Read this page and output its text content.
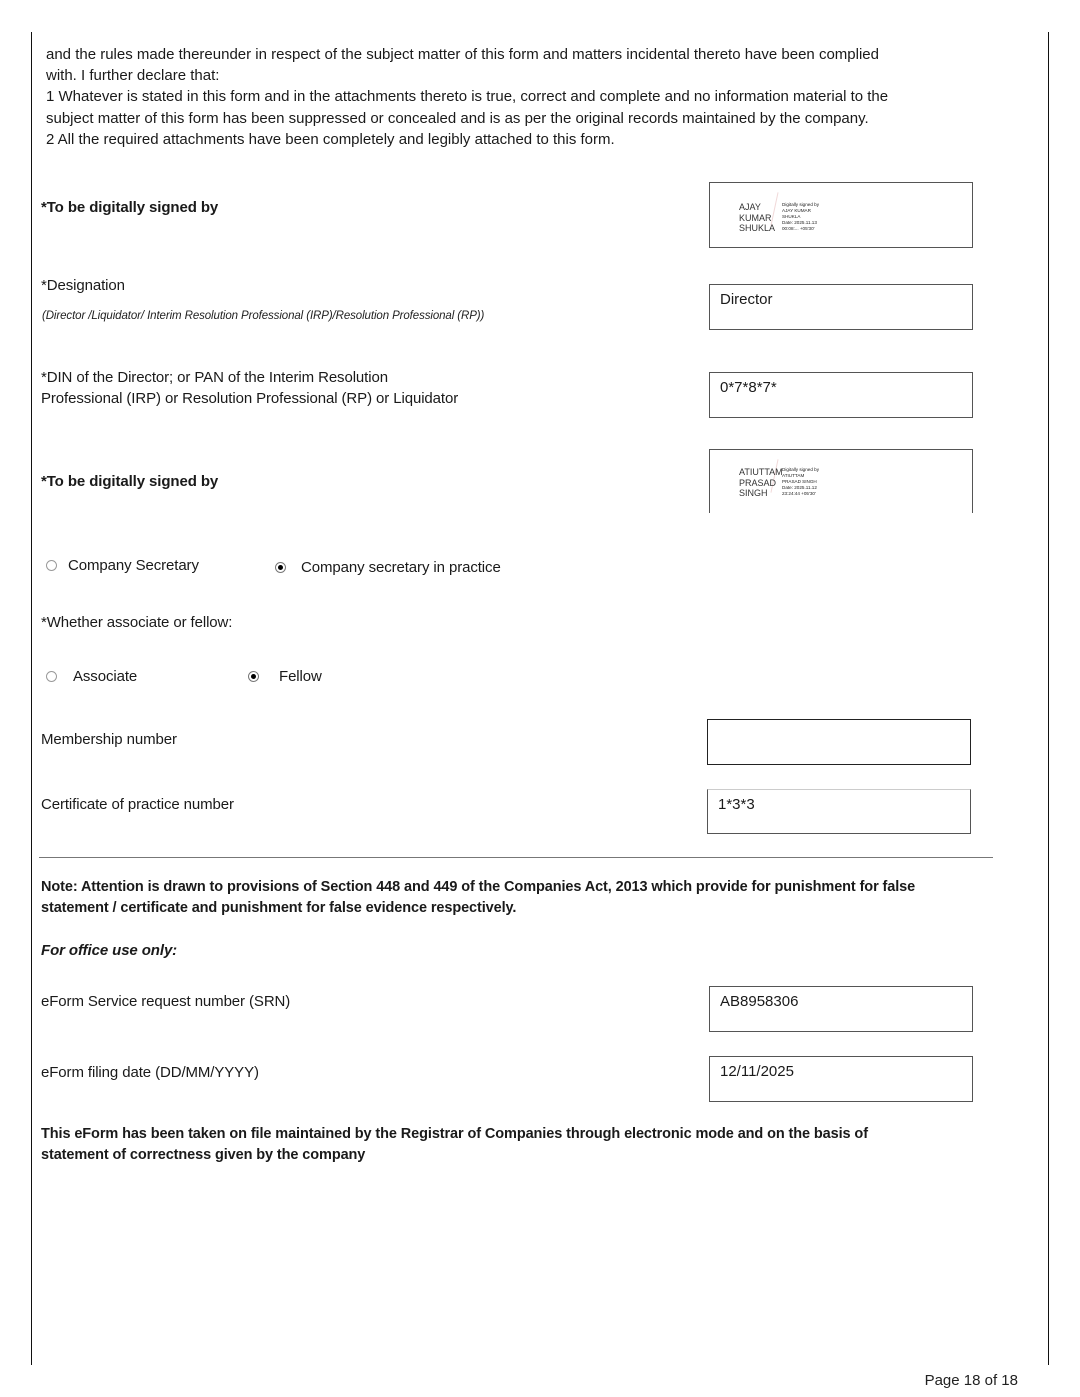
and the rules made thereunder in respect of the subject matter of this form and matters incidental thereto have been complied
with. I further declare that:
1 Whatever is stated in this form and in the attachments thereto is true, correct and complete and no information material to the
subject matter of this form has been suppressed or concealed and is as per the original records maintained by the company.
2 All the required attachments have been completely and legibly attached to this form.
*To be digitally signed by	AJAY
KUMAR
SHUKLA
Digitally signed by
AJAY KUMAR
SHUKLA
Date: 2025.11.13
00:08:... +05'30'
*Designation
(Director /Liquidator/ Interim Resolution Professional (IRP)/Resolution Professional (RP))
Director
*DIN of the Director; or PAN of the Interim Resolution
Professional (IRP) or Resolution Professional (RP) or Liquidator
0*7*8*7*
*To be digitally signed by
ATIUTTAM
PRASAD
SINGH
Digitally signed by
ATIUTTAM
PRASAD SINGH
Date: 2025.11.12
23:24:44 +05'30'
Company Secretary	Company secretary in practice
*Whether associate or fellow:
Associate	Fellow
Membership number
Certificate of practice number	1*3*3
Note: Attention is drawn to provisions of Section 448 and 449 of the Companies Act, 2013 which provide for punishment for false
statement / certificate and punishment for false evidence respectively.
For office use only:
eForm Service request number (SRN)	AB8958306
eForm filing date (DD/MM/YYYY)	12/11/2025
This eForm has been taken on file maintained by the Registrar of Companies through electronic mode and on the basis of
statement of correctness given by the company
Page 18 of 18
